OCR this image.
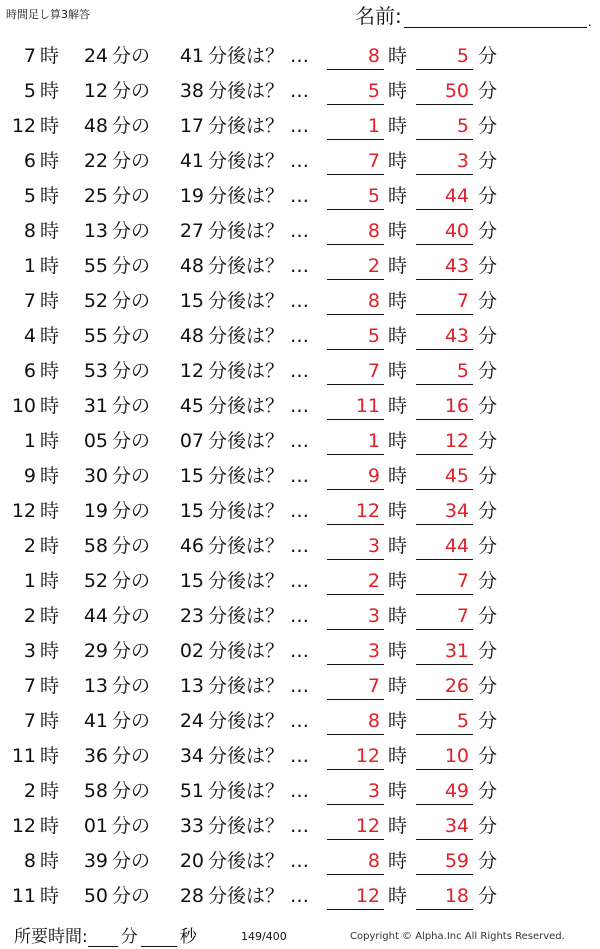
時間足し算3解答	名前:	.
7 時	24 分の	41 分後は？ …	8 時	5 分
5 時	12 分の	38 分後は？ …	5 時	50 分
12 時	48 分の	17 分後は？ …	1 時	5 分
6 時	22 分の	41 分後は？ …	7 時	3 分
5 時	25 分の	19 分後は？ …	5 時	44 分
8 時	13 分の	27 分後は？ …	8 時	40 分
1 時	55 分の	48 分後は？ …	2 時	43 分
7 時	52 分の	15 分後は？ …	8 時	7 分
4 時	55 分の	48 分後は？ …	5 時	43 分
6 時	53 分の	12 分後は？ …	7 時	5 分
10 時	31 分の	45 分後は？ …	11 時	16 分
1 時	05 分の	07 分後は？ …	1 時	12 分
9 時	30 分の	15 分後は？ …	9 時	45 分
12 時	19 分の	15 分後は？ …	12 時	34 分
2 時	58 分の	46 分後は？ …	3 時	44 分
1 時	52 分の	15 分後は？ …	2 時	7 分
2 時	44 分の	23 分後は？ …	3 時	7 分
3 時	29 分の	02 分後は？ …	3 時	31 分
7 時	13 分の	13 分後は？ …	7 時	26 分
7 時	41 分の	24 分後は？ …	8 時	5 分
11 時	36 分の	34 分後は？ …	12 時	10 分
2 時	58 分の	51 分後は？ …	3 時	49 分
12 時	01 分の	33 分後は？ …	12 時	34 分
8 時	39 分の	20 分後は？ …	8 時	59 分
11 時	50 分の	28 分後は？ …	12 時	18 分
所要時間: 分 秒	149/400	Copyright © Alpha.Inc All Rights Reserved.
